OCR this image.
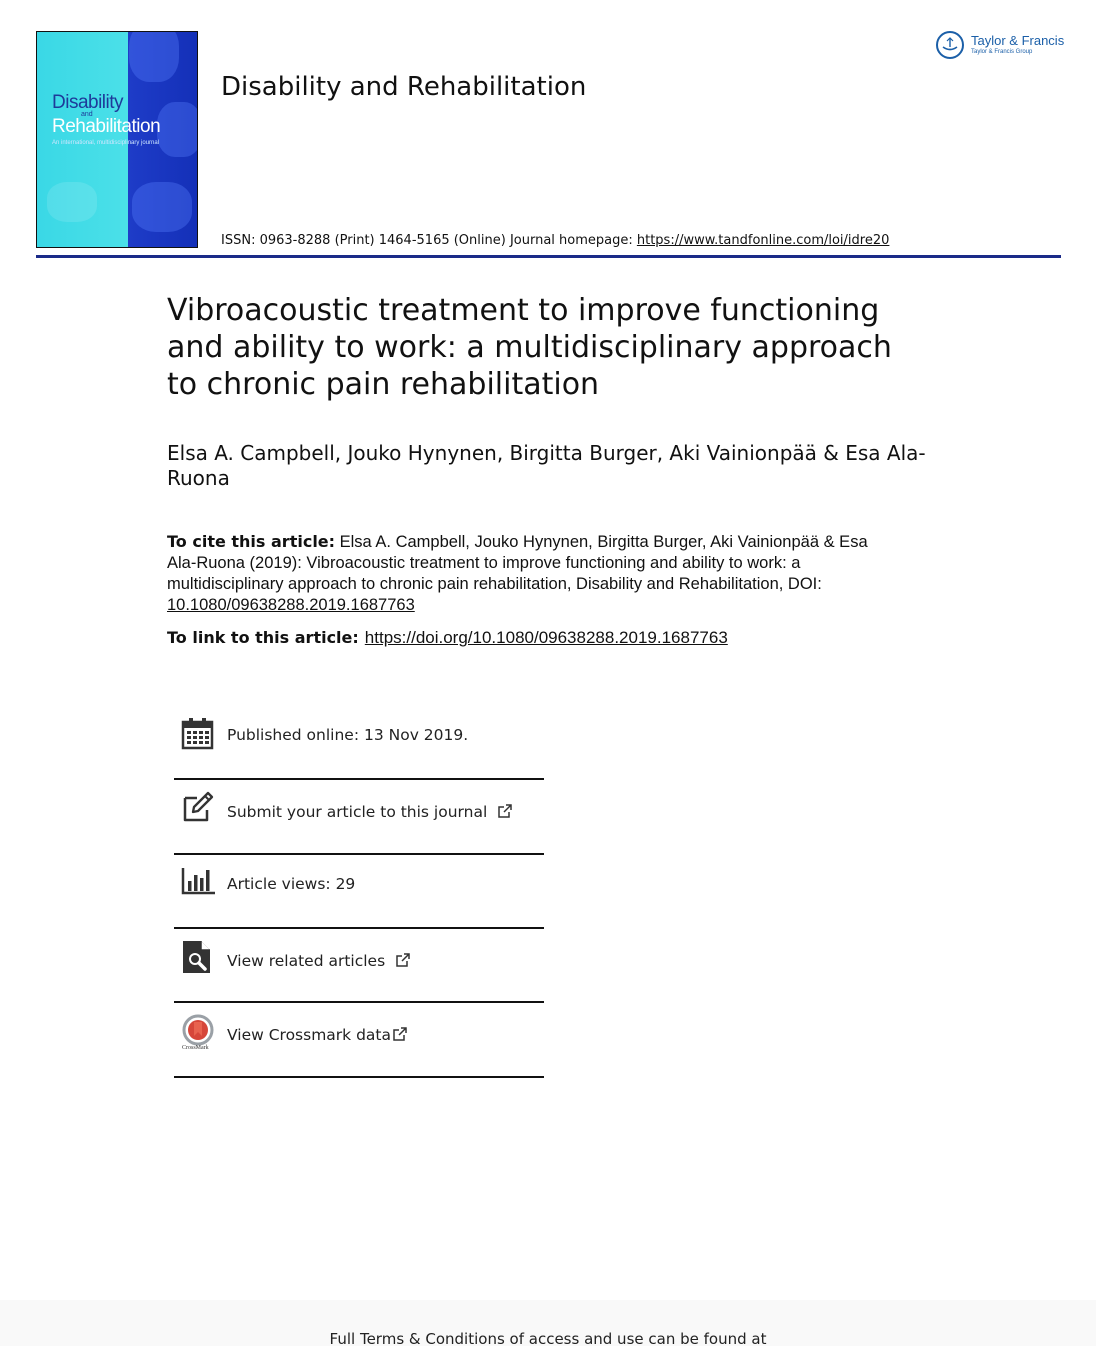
Disability
and
Rehabilitation
An international, multidisciplinary journal
Disability and Rehabilitation
Taylor & Francis
Taylor & Francis Group
ISSN: 0963-8288 (Print) 1464-5165 (Online) Journal homepage: https://www.tandfonline.com/loi/idre20
Vibroacoustic treatment to improve functioning and ability to work: a multidisciplinary approach to chronic pain rehabilitation
Elsa A. Campbell, Jouko Hynynen, Birgitta Burger, Aki Vainionpää & Esa Ala-Ruona
To cite this article: Elsa A. Campbell, Jouko Hynynen, Birgitta Burger, Aki Vainionpää & Esa Ala-Ruona (2019): Vibroacoustic treatment to improve functioning and ability to work: a multidisciplinary approach to chronic pain rehabilitation, Disability and Rehabilitation, DOI: 10.1080/09638288.2019.1687763
To link to this article: https://doi.org/10.1080/09638288.2019.1687763
Published online: 13 Nov 2019.
Submit your article to this journal
Article views: 29
View related articles
CrossMark
View Crossmark data
Full Terms & Conditions of access and use can be found at
